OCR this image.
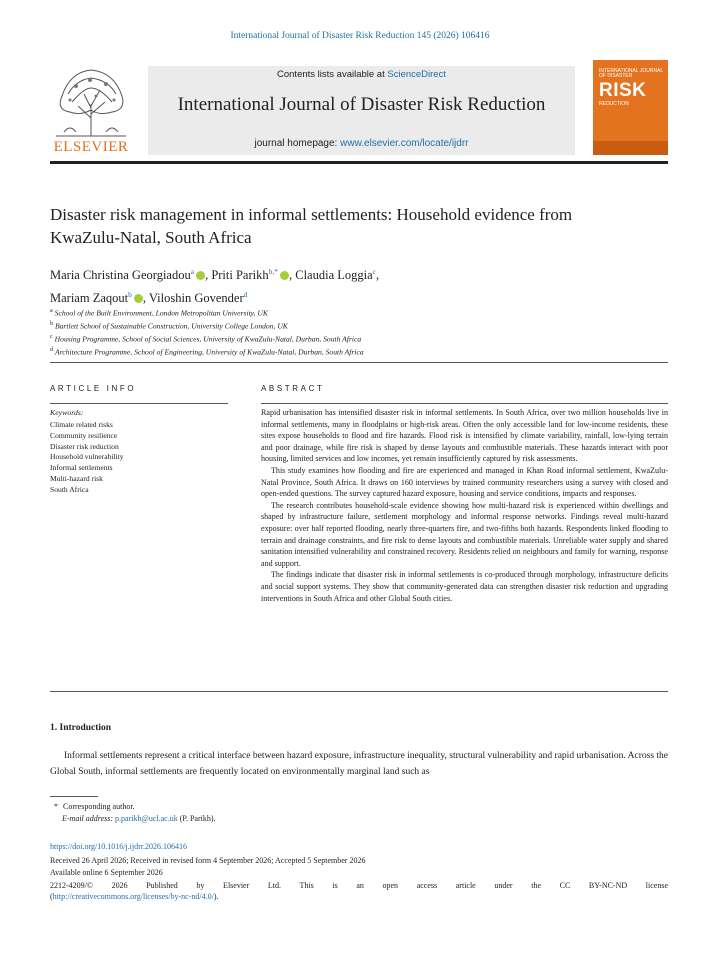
International Journal of Disaster Risk Reduction 145 (2026) 106416
ELSEVIER
Contents lists available at ScienceDirect
International Journal of Disaster Risk Reduction
journal homepage: www.elsevier.com/locate/ijdrr
INTERNATIONAL JOURNAL OF DISASTER
RISK
REDUCTION
Disaster risk management in informal settlements: Household evidence from KwaZulu-Natal, South Africa
Maria Christina Georgiadou$^a$ , Priti Parikh$^{b,*}$ , Claudia Loggia$^c$,
Mariam Zaqout$^b$ , Viloshin Govender$^d$
$^a$ School of the Built Environment, London Metropolitan University, UK
$^b$ Bartlett School of Sustainable Construction, University College London, UK
$^c$ Housing Programme, School of Social Sciences, University of KwaZulu-Natal, Durban, South Africa
$^d$ Architecture Programme, School of Engineering, University of KwaZulu-Natal, Durban, South Africa
ARTICLE INFO
Keywords:
Climate related risks
Community resilience
Disaster risk reduction
Household vulnerability
Informal settlements
Multi-hazard risk
South Africa
ABSTRACT

Rapid urbanisation has intensified disaster risk in informal settlements. In South Africa, over two million households live in informal settlements, many in floodplains or high-risk areas. Often the only accessible land for low-income residents, these sites expose households to flood and fire hazards. Flood risk is intensified by climate variability, rainfall, low-lying terrain and poor drainage, while fire risk is shaped by dense layouts and combustible materials. These hazards interact with poor housing, limited services and low incomes, yet remain insufficiently captured by risk assessments.

This study examines how flooding and fire are experienced and managed in Khan Road informal settlement, KwaZulu-Natal Province, South Africa. It draws on 160 interviews by trained community researchers using a survey with closed and open-ended questions. The survey captured hazard exposure, housing and service conditions, impacts and responses.

The research contributes household-scale evidence showing how multi-hazard risk is experienced within dwellings and shaped by infrastructure failure, settlement morphology and informal response networks. Findings reveal multi-hazard exposure: over half reported flooding, nearly three-quarters fire, and two-fifths both hazards. Respondents linked flooding to terrain and drainage constraints, and fire risk to dense layouts and combustible materials. Unreliable water supply and shared sanitation intensified vulnerability and constrained recovery. Residents relied on neighbours and family for warning, response and support.

The findings indicate that disaster risk in informal settlements is co-produced through morphology, infrastructure deficits and social support systems. They show that community-generated data can strengthen disaster risk reduction and upgrading interventions in South Africa and other Global South cities.

1. Introduction
Informal settlements represent a critical interface between hazard exposure, infrastructure inequality, structural vulnerability and rapid urbanisation. Across the Global South, informal settlements are frequently located on environmentally marginal land such as
* Corresponding author.
E-mail address: p.parikh@ucl.ac.uk (P. Parikh).
https://doi.org/10.1016/j.ijdrr.2026.106416
Received 26 April 2026; Received in revised form 4 September 2026; Accepted 5 September 2026
Available online 6 September 2026
2212-4209/© 2026 Published by Elsevier Ltd. This is an open access article under the CC BY-NC-ND license
(http://creativecommons.org/licenses/by-nc-nd/4.0/).
